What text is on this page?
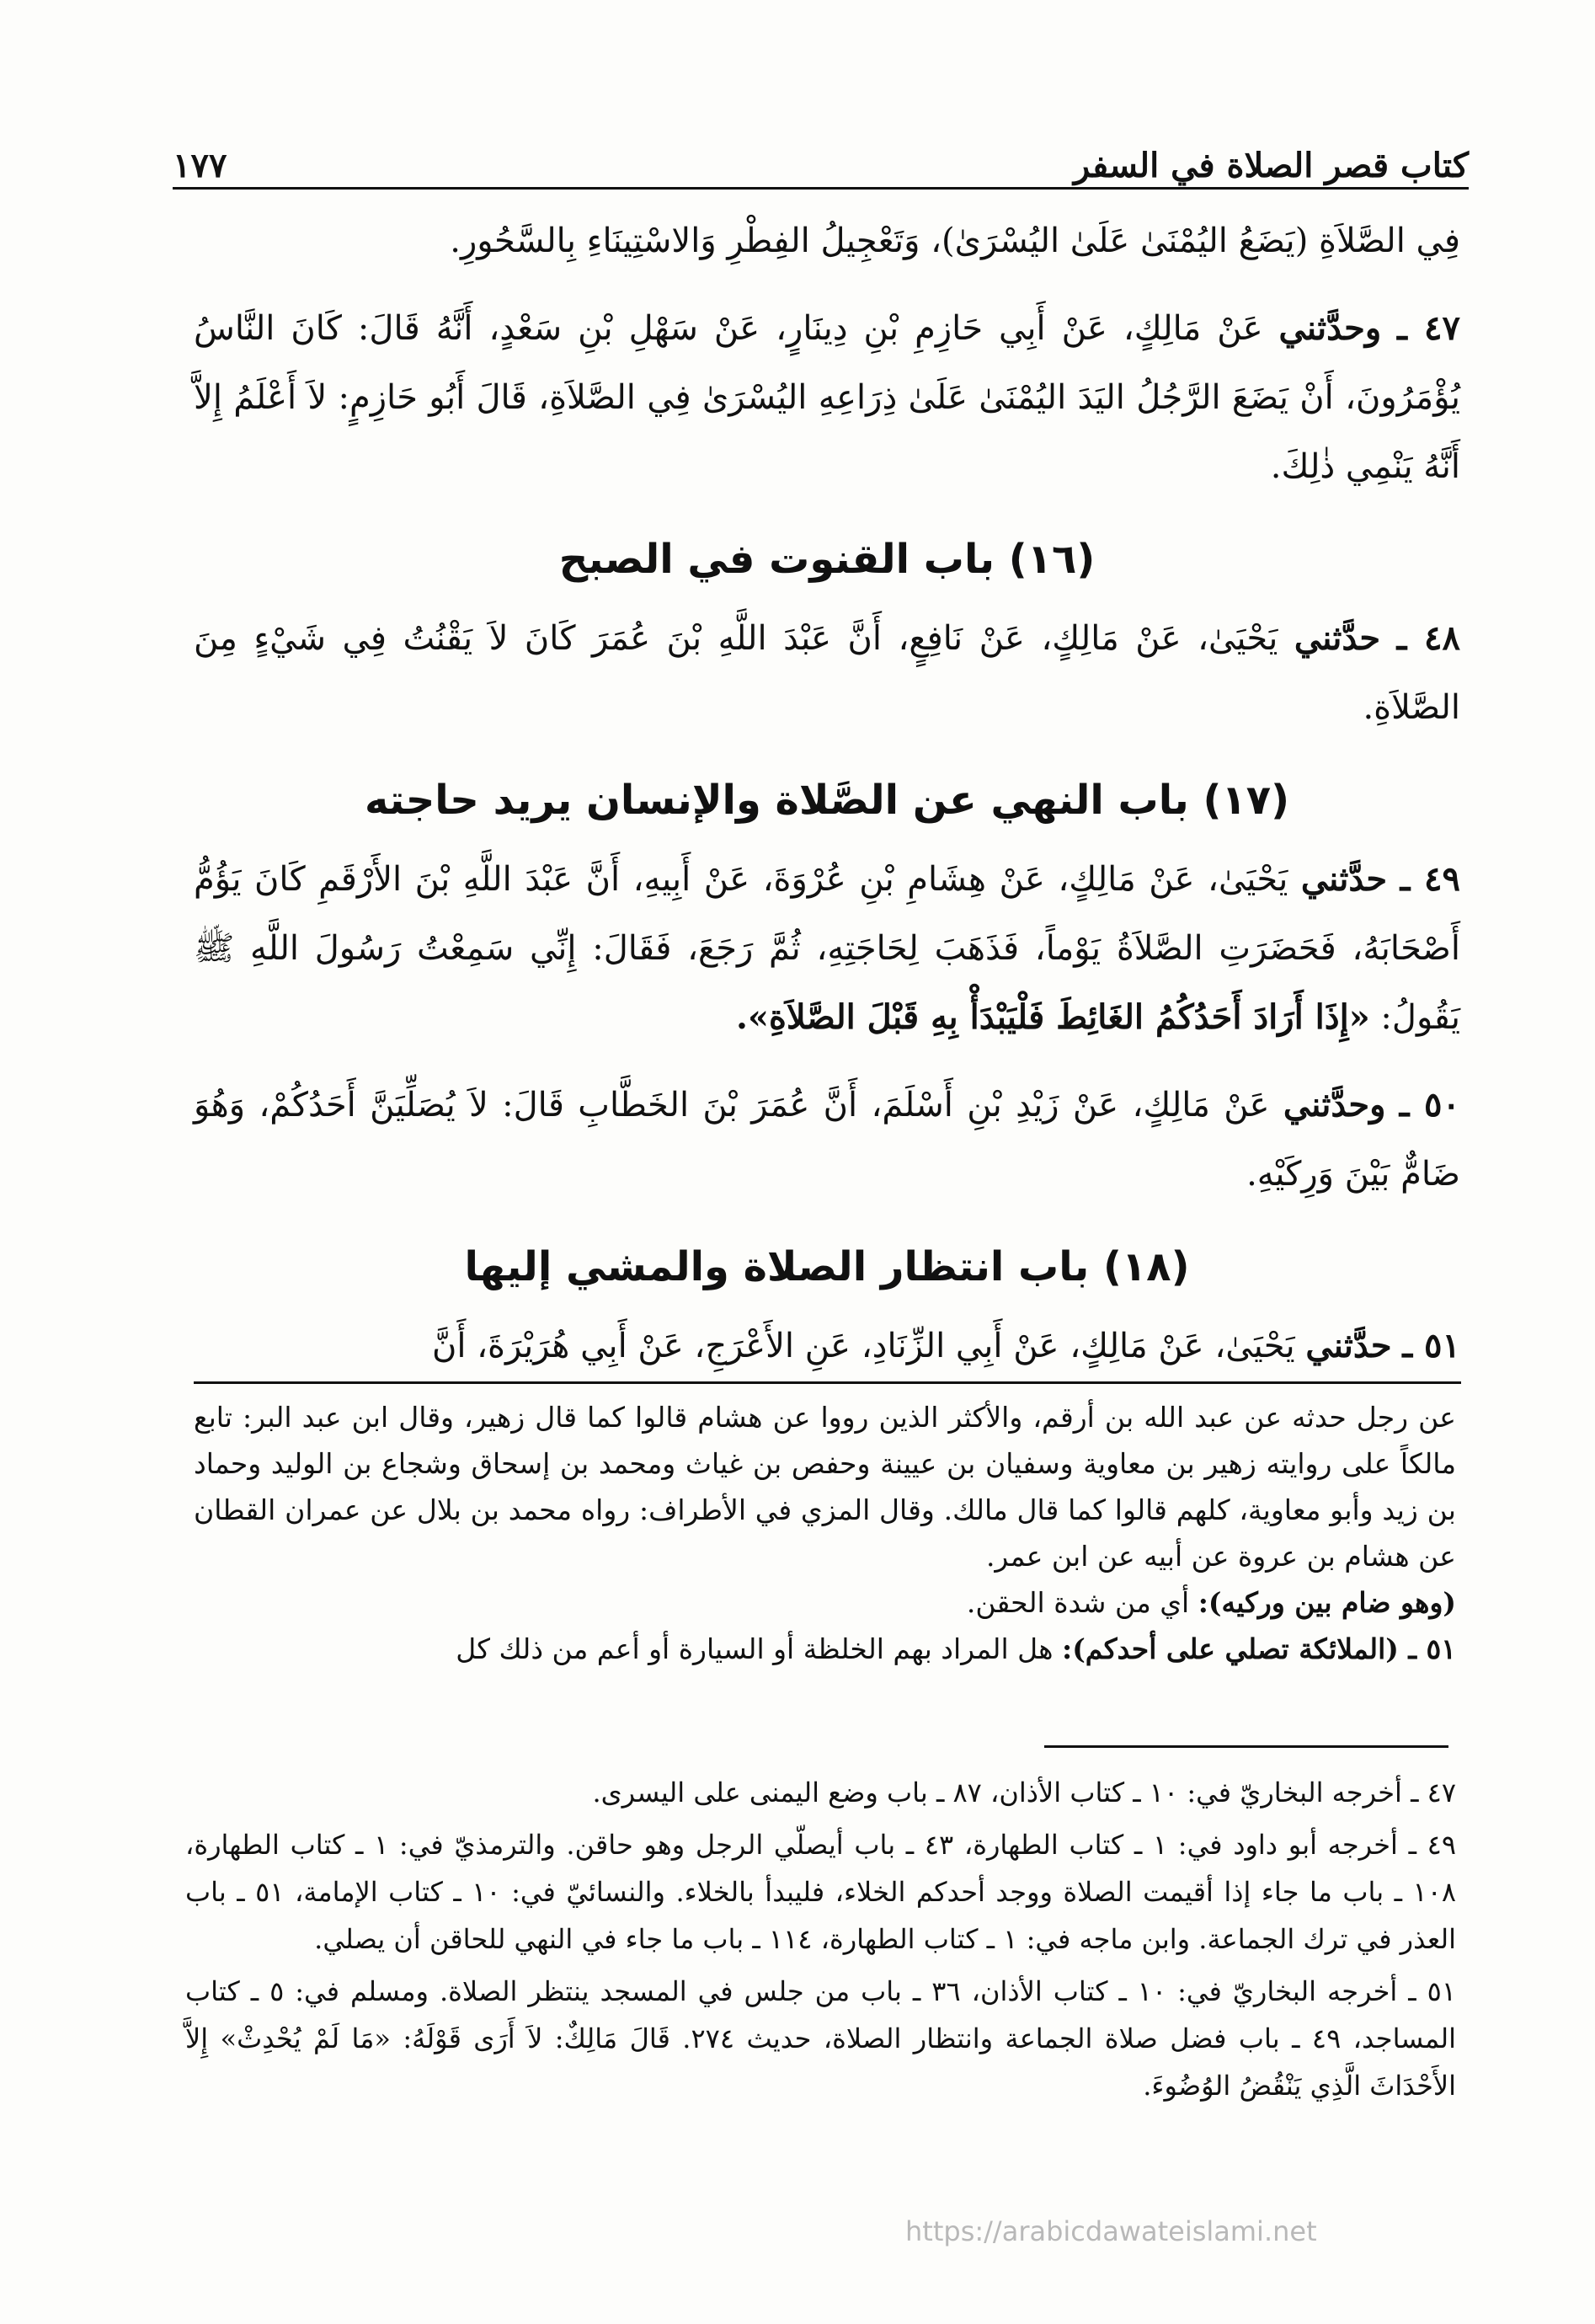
كتاب قصر الصلاة في السفر
١٧٧

فِي الصَّلاَةِ (يَضَعُ اليُمْنَىٰ عَلَىٰ اليُسْرَىٰ)، وَتَعْجِيلُ الفِطْرِ وَالاسْتِينَاءِ بِالسَّحُورِ.

٤٧ ـ وحدَّثني عَنْ مَالِكٍ، عَنْ أَبِي حَازِمِ بْنِ دِينَارٍ، عَنْ سَهْلِ بْنِ سَعْدٍ، أَنَّهُ قَالَ: كَانَ النَّاسُ يُؤْمَرُونَ، أَنْ يَضَعَ الرَّجُلُ اليَدَ اليُمْنَىٰ عَلَىٰ ذِرَاعِهِ اليُسْرَىٰ فِي الصَّلاَةِ، قَالَ أَبُو حَازِمٍ: لاَ أَعْلَمُ إِلاَّ أَنَّهُ يَنْمِي ذٰلِكَ.

(١٦) باب القنوت في الصبح

٤٨ ـ حدَّثني يَحْيَىٰ، عَنْ مَالِكٍ، عَنْ نَافِعٍ، أَنَّ عَبْدَ اللَّهِ بْنَ عُمَرَ كَانَ لاَ يَقْنُتُ فِي شَيْءٍ مِنَ الصَّلاَةِ.

(١٧) باب النهي عن الصَّلاة والإنسان يريد حاجته

٤٩ ـ حدَّثني يَحْيَىٰ، عَنْ مَالِكٍ، عَنْ هِشَامِ بْنِ عُرْوَةَ، عَنْ أَبِيهِ، أَنَّ عَبْدَ اللَّهِ بْنَ الأَرْقَمِ كَانَ يَؤُمُّ أَصْحَابَهُ، فَحَضَرَتِ الصَّلاَةُ يَوْماً، فَذَهَبَ لِحَاجَتِهِ، ثُمَّ رَجَعَ، فَقَالَ: إِنِّي سَمِعْتُ رَسُولَ اللَّهِ ﷺ يَقُولُ: «إِذَا أَرَادَ أَحَدُكُمُ الغَائِطَ فَلْيَبْدَأْ بِهِ قَبْلَ الصَّلاَةِ».

٥٠ ـ وحدَّثني عَنْ مَالِكٍ، عَنْ زَيْدِ بْنِ أَسْلَمَ، أَنَّ عُمَرَ بْنَ الخَطَّابِ قَالَ: لاَ يُصَلِّيَنَّ أَحَدُكُمْ، وَهُوَ ضَامٌّ بَيْنَ وَرِكَيْهِ.

(١٨) باب انتظار الصلاة والمشي إليها

٥١ ـ حدَّثني يَحْيَىٰ، عَنْ مَالِكٍ، عَنْ أَبِي الزِّنَادِ، عَنِ الأَعْرَجِ، عَنْ أَبِي هُرَيْرَةَ، أَنَّ

عن رجل حدثه عن عبد الله بن أرقم، والأكثر الذين رووا عن هشام قالوا كما قال زهير، وقال ابن عبد البر: تابع مالكاً على روايته زهير بن معاوية وسفيان بن عيينة وحفص بن غياث ومحمد بن إسحاق وشجاع بن الوليد وحماد بن زيد وأبو معاوية، كلهم قالوا كما قال مالك. وقال المزي في الأطراف: رواه محمد بن بلال عن عمران القطان عن هشام بن عروة عن أبيه عن ابن عمر.

(وهو ضام بين وركيه): أي من شدة الحقن.

٥١ ـ (الملائكة تصلي على أحدكم): هل المراد بهم الخلظة أو السيارة أو أعم من ذلك كل

٤٧ ـ أخرجه البخاريّ في: ١٠ ـ كتاب الأذان، ٨٧ ـ باب وضع اليمنى على اليسرى.

٤٩ ـ أخرجه أبو داود في: ١ ـ كتاب الطهارة، ٤٣ ـ باب أيصلّي الرجل وهو حاقن. والترمذيّ في: ١ ـ كتاب الطهارة، ١٠٨ ـ باب ما جاء إذا أقيمت الصلاة ووجد أحدكم الخلاء، فليبدأ بالخلاء. والنسائيّ في: ١٠ ـ كتاب الإمامة، ٥١ ـ باب العذر في ترك الجماعة. وابن ماجه في: ١ ـ كتاب الطهارة، ١١٤ ـ باب ما جاء في النهي للحاقن أن يصلي.

٥١ ـ أخرجه البخاريّ في: ١٠ ـ كتاب الأذان، ٣٦ ـ باب من جلس في المسجد ينتظر الصلاة. ومسلم في: ٥ ـ كتاب المساجد، ٤٩ ـ باب فضل صلاة الجماعة وانتظار الصلاة، حديث ٢٧٤. قَالَ مَالِكٌ: لاَ أَرَى قَوْلَهُ: «مَا لَمْ يُحْدِثْ» إِلاَّ الأَحْدَاثَ الَّذِي يَنْقُضُ الوُضُوءَ.

https://arabicdawateislami.net
